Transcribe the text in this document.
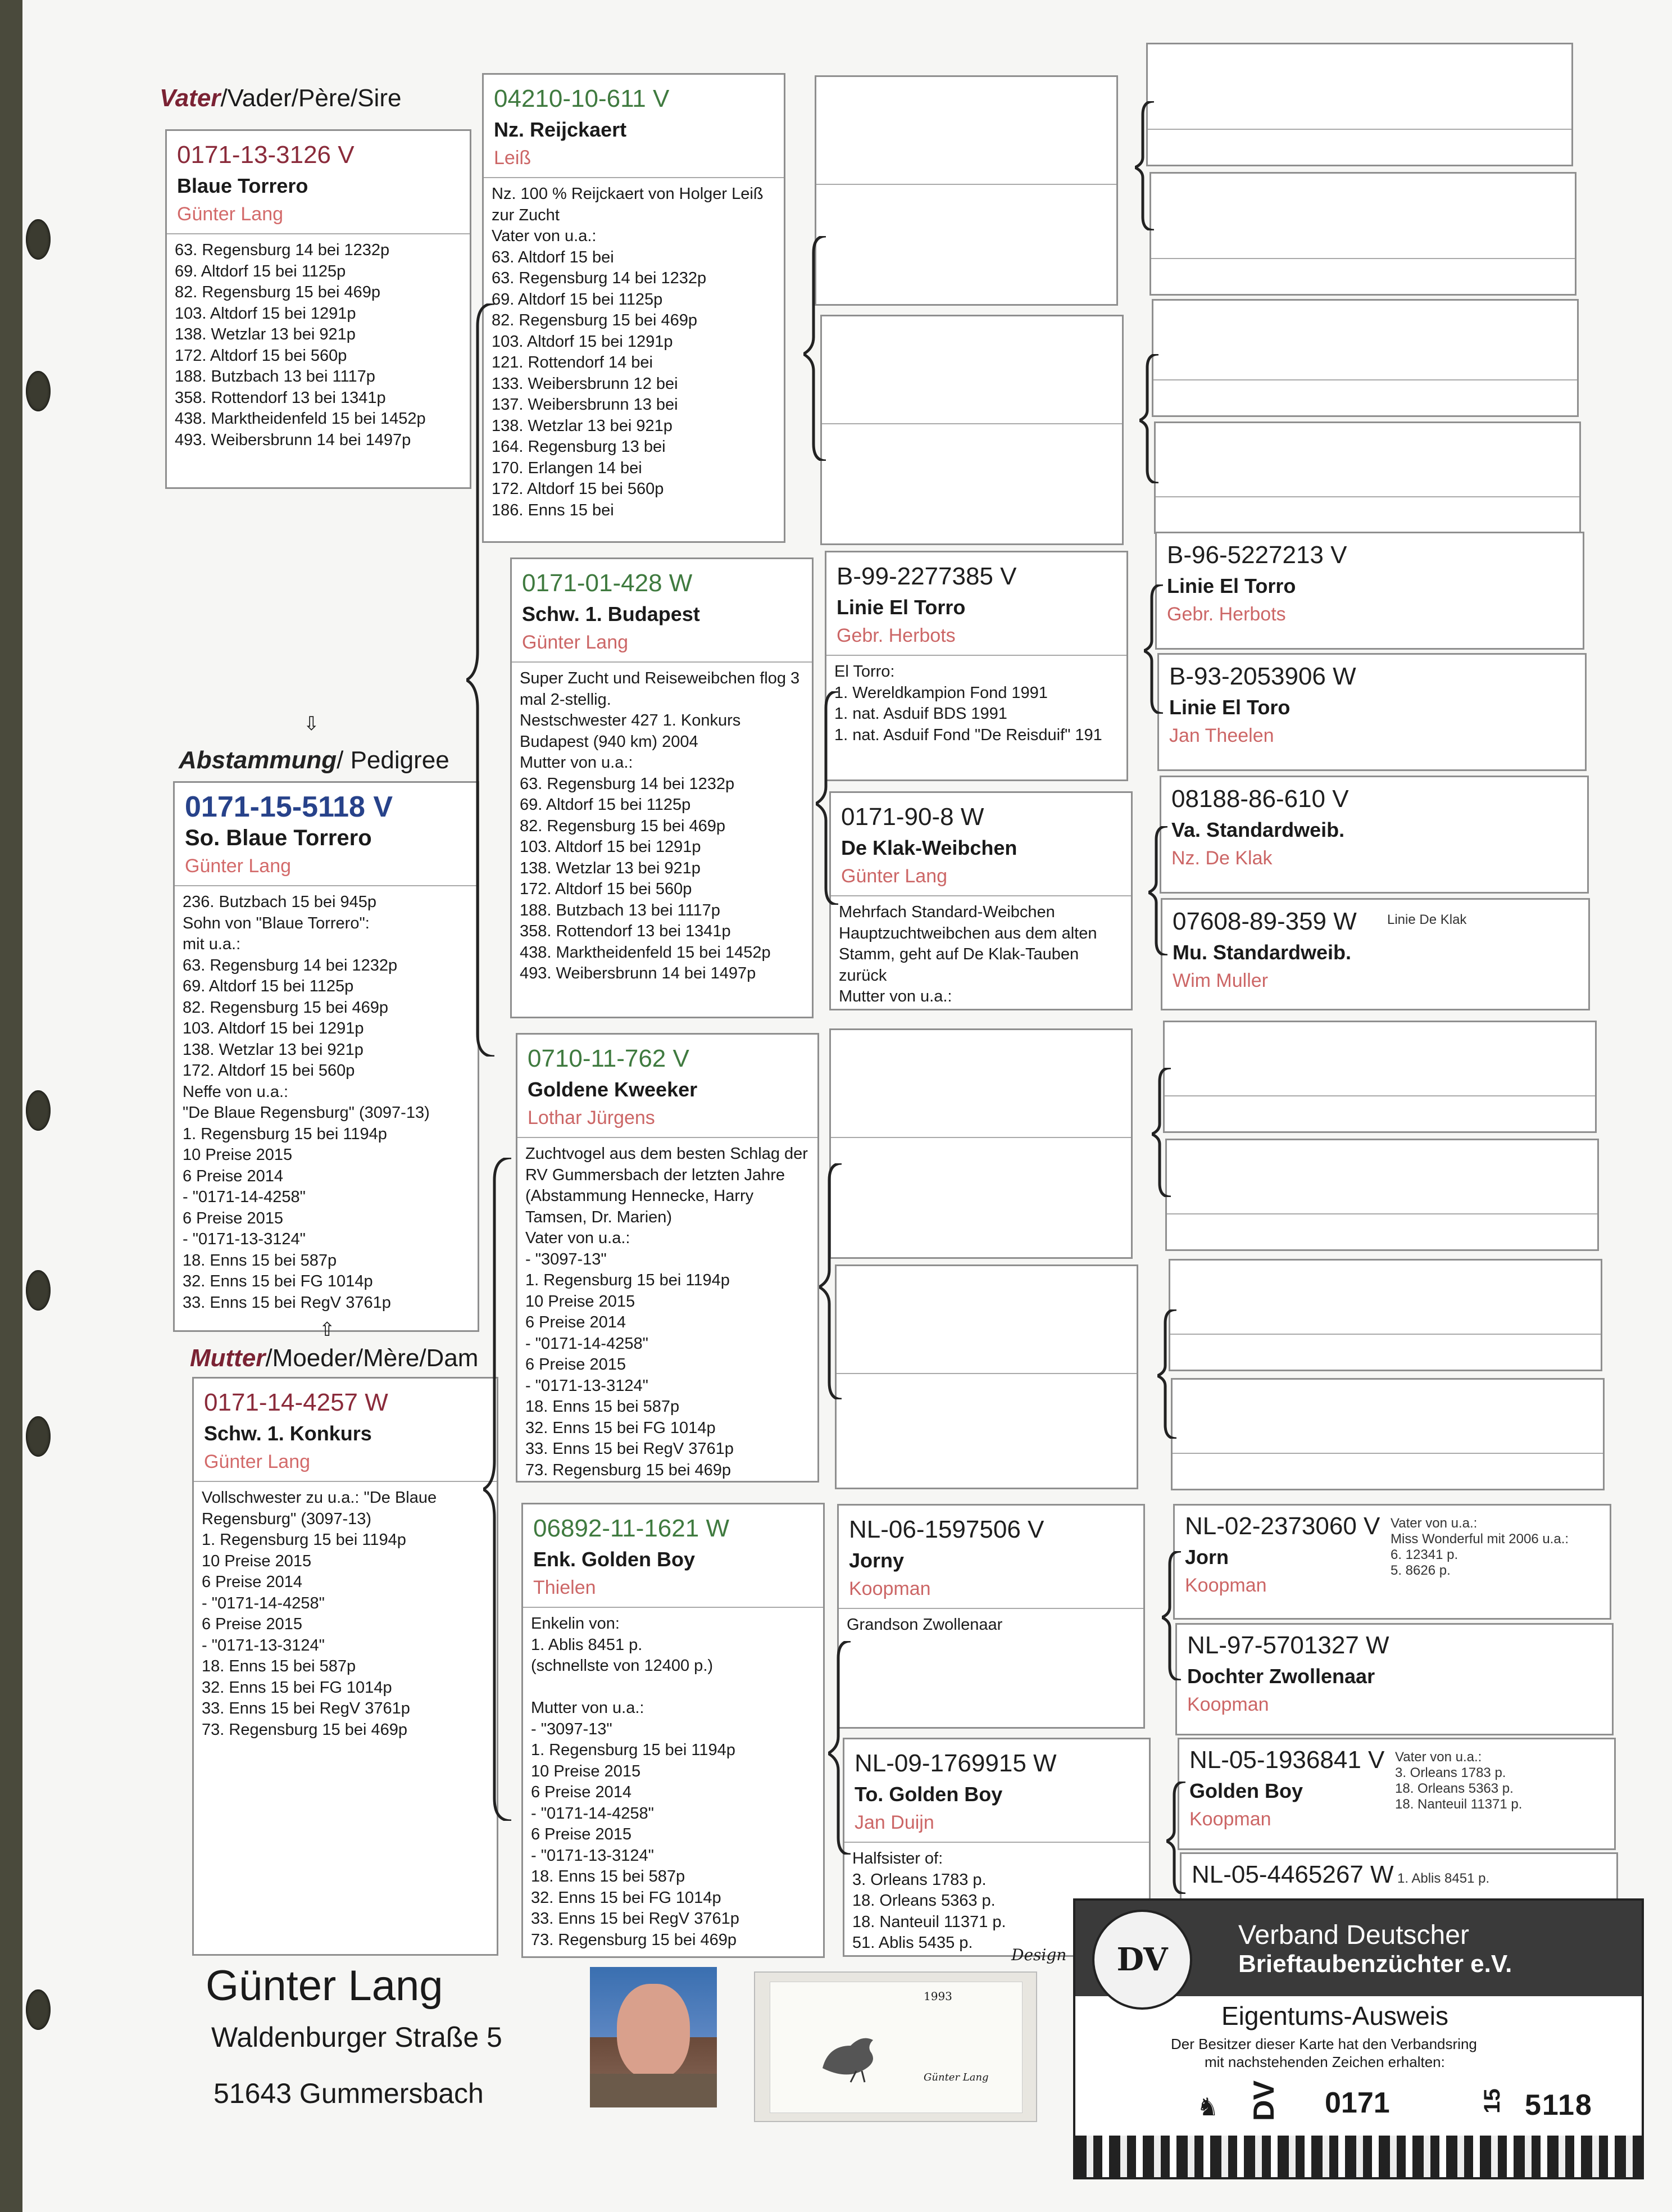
Vater/Vader/Père/Sire
0171-13-3126 V
Blaue Torrero
Günter Lang
63. Regensburg 14 bei 1232p
69. Altdorf 15 bei 1125p
82. Regensburg 15 bei 469p
103. Altdorf 15 bei 1291p
138. Wetzlar 13 bei 921p
172. Altdorf 15 bei 560p
188. Butzbach 13 bei 1117p
358. Rottendorf 13 bei 1341p
438. Marktheidenfeld 15 bei 1452p
493. Weibersbrunn 14 bei 1497p
⇩
Abstammung/ Pedigree
0171-15-5118 V
So. Blaue Torrero
Günter Lang
236. Butzbach 15 bei 945p
Sohn von "Blaue Torrero":
mit u.a.:
63. Regensburg 14 bei 1232p
69. Altdorf 15 bei 1125p
82. Regensburg 15 bei 469p
103. Altdorf 15 bei 1291p
138. Wetzlar 13 bei 921p
172. Altdorf 15 bei 560p
Neffe von u.a.:
"De Blaue Regensburg" (3097-13)
1. Regensburg 15 bei 1194p
10 Preise 2015
6 Preise 2014
- "0171-14-4258"
6 Preise 2015
- "0171-13-3124"
18. Enns 15 bei 587p
32. Enns 15 bei FG 1014p
33. Enns 15 bei RegV 3761p
⇧
Mutter/Moeder/Mère/Dam
0171-14-4257 W
Schw. 1. Konkurs
Günter Lang
Vollschwester zu u.a.: "De Blaue Regensburg" (3097-13)
1. Regensburg 15 bei 1194p
10 Preise 2015
6 Preise 2014
- "0171-14-4258"
6 Preise 2015
- "0171-13-3124"
18. Enns 15 bei 587p
32. Enns 15 bei FG 1014p
33. Enns 15 bei RegV 3761p
73. Regensburg 15 bei 469p
04210-10-611 V
Nz. Reijckaert
Leiß
Nz. 100 % Reijckaert von Holger Leiß zur Zucht
Vater von u.a.:
63. Altdorf 15 bei
63. Regensburg 14 bei 1232p
69. Altdorf 15 bei 1125p
82. Regensburg 15 bei 469p
103. Altdorf 15 bei 1291p
121. Rottendorf 14 bei
133. Weibersbrunn 12 bei
137. Weibersbrunn 13 bei
138. Wetzlar 13 bei 921p
164. Regensburg 13 bei
170. Erlangen 14 bei
172. Altdorf 15 bei 560p
186. Enns 15 bei
0171-01-428 W
Schw. 1. Budapest
Günter Lang
Super Zucht und Reiseweibchen flog 3 mal 2-stellig.
Nestschwester 427 1. Konkurs Budapest (940 km) 2004
Mutter von u.a.:
63. Regensburg 14 bei 1232p
69. Altdorf 15 bei 1125p
82. Regensburg 15 bei 469p
103. Altdorf 15 bei 1291p
138. Wetzlar 13 bei 921p
172. Altdorf 15 bei 560p
188. Butzbach 13 bei 1117p
358. Rottendorf 13 bei 1341p
438. Marktheidenfeld 15 bei 1452p
493. Weibersbrunn 14 bei 1497p
0710-11-762 V
Goldene Kweeker
Lothar Jürgens
Zuchtvogel aus dem besten Schlag der RV Gummersbach der letzten Jahre (Abstammung Hennecke, Harry Tamsen, Dr. Marien)
Vater von u.a.:
- "3097-13"
1. Regensburg 15 bei 1194p
10 Preise 2015
6 Preise 2014
- "0171-14-4258"
6 Preise 2015
- "0171-13-3124"
18. Enns 15 bei 587p
32. Enns 15 bei FG 1014p
33. Enns 15 bei RegV 3761p
73. Regensburg 15 bei 469p
06892-11-1621 W
Enk. Golden Boy
Thielen
Enkelin von:
1. Ablis 8451 p.
(schnellste von 12400 p.)

Mutter von u.a.:
- "3097-13"
1. Regensburg 15 bei 1194p
10 Preise 2015
6 Preise 2014
- "0171-14-4258"
6 Preise 2015
- "0171-13-3124"
18. Enns 15 bei 587p
32. Enns 15 bei FG 1014p
33. Enns 15 bei RegV 3761p
73. Regensburg 15 bei 469p
B-99-2277385 V
Linie El Torro
Gebr. Herbots
El Torro:
1. Wereldkampion Fond 1991
1. nat. Asduif BDS 1991
1. nat. Asduif Fond "De Reisduif" 191
0171-90-8 W
De Klak-Weibchen
Günter Lang
Mehrfach Standard-Weibchen
Hauptzuchtweibchen aus dem alten Stamm, geht auf De Klak-Tauben zurück
Mutter von u.a.:
NL-06-1597506 V
Jorny
Koopman
Grandson Zwollenaar
NL-09-1769915 W
To. Golden Boy
Jan Duijn
Halfsister of:
3. Orleans 1783 p.
18. Orleans 5363 p.
18. Nanteuil 11371 p.
51. Ablis 5435 p.
B-96-5227213 V
Linie El Torro
Gebr. Herbots
B-93-2053906 W
Linie El Toro
Jan Theelen
08188-86-610 V
Va. Standardweib.
Nz. De Klak
07608-89-359 W
Mu. Standardweib.
Wim Muller
Linie De Klak
NL-02-2373060 V
Jorn
Koopman
Vater von u.a.:
Miss Wonderful mit 2006 u.a.:
6. 12341 p.
5. 8626 p.
NL-97-5701327 W
Dochter Zwollenaar
Koopman
NL-05-1936841 V
Golden Boy
Koopman
Vater von u.a.:
3. Orleans 1783 p.
18. Orleans 5363 p.
18. Nanteuil 11371 p.
NL-05-4465267 W 1. Ablis 8451 p.
Günter Lang
Waldenburger Straße 5
51643 Gummersbach
1993
Günter Lang
Design DV
Verband Deutscher
Brieftaubenzüchter e.V.
Eigentums-Ausweis
Der Besitzer dieser Karte hat den Verbandsring
mit nachstehenden Zeichen erhalten:
♞ DV 0171	15 5118
